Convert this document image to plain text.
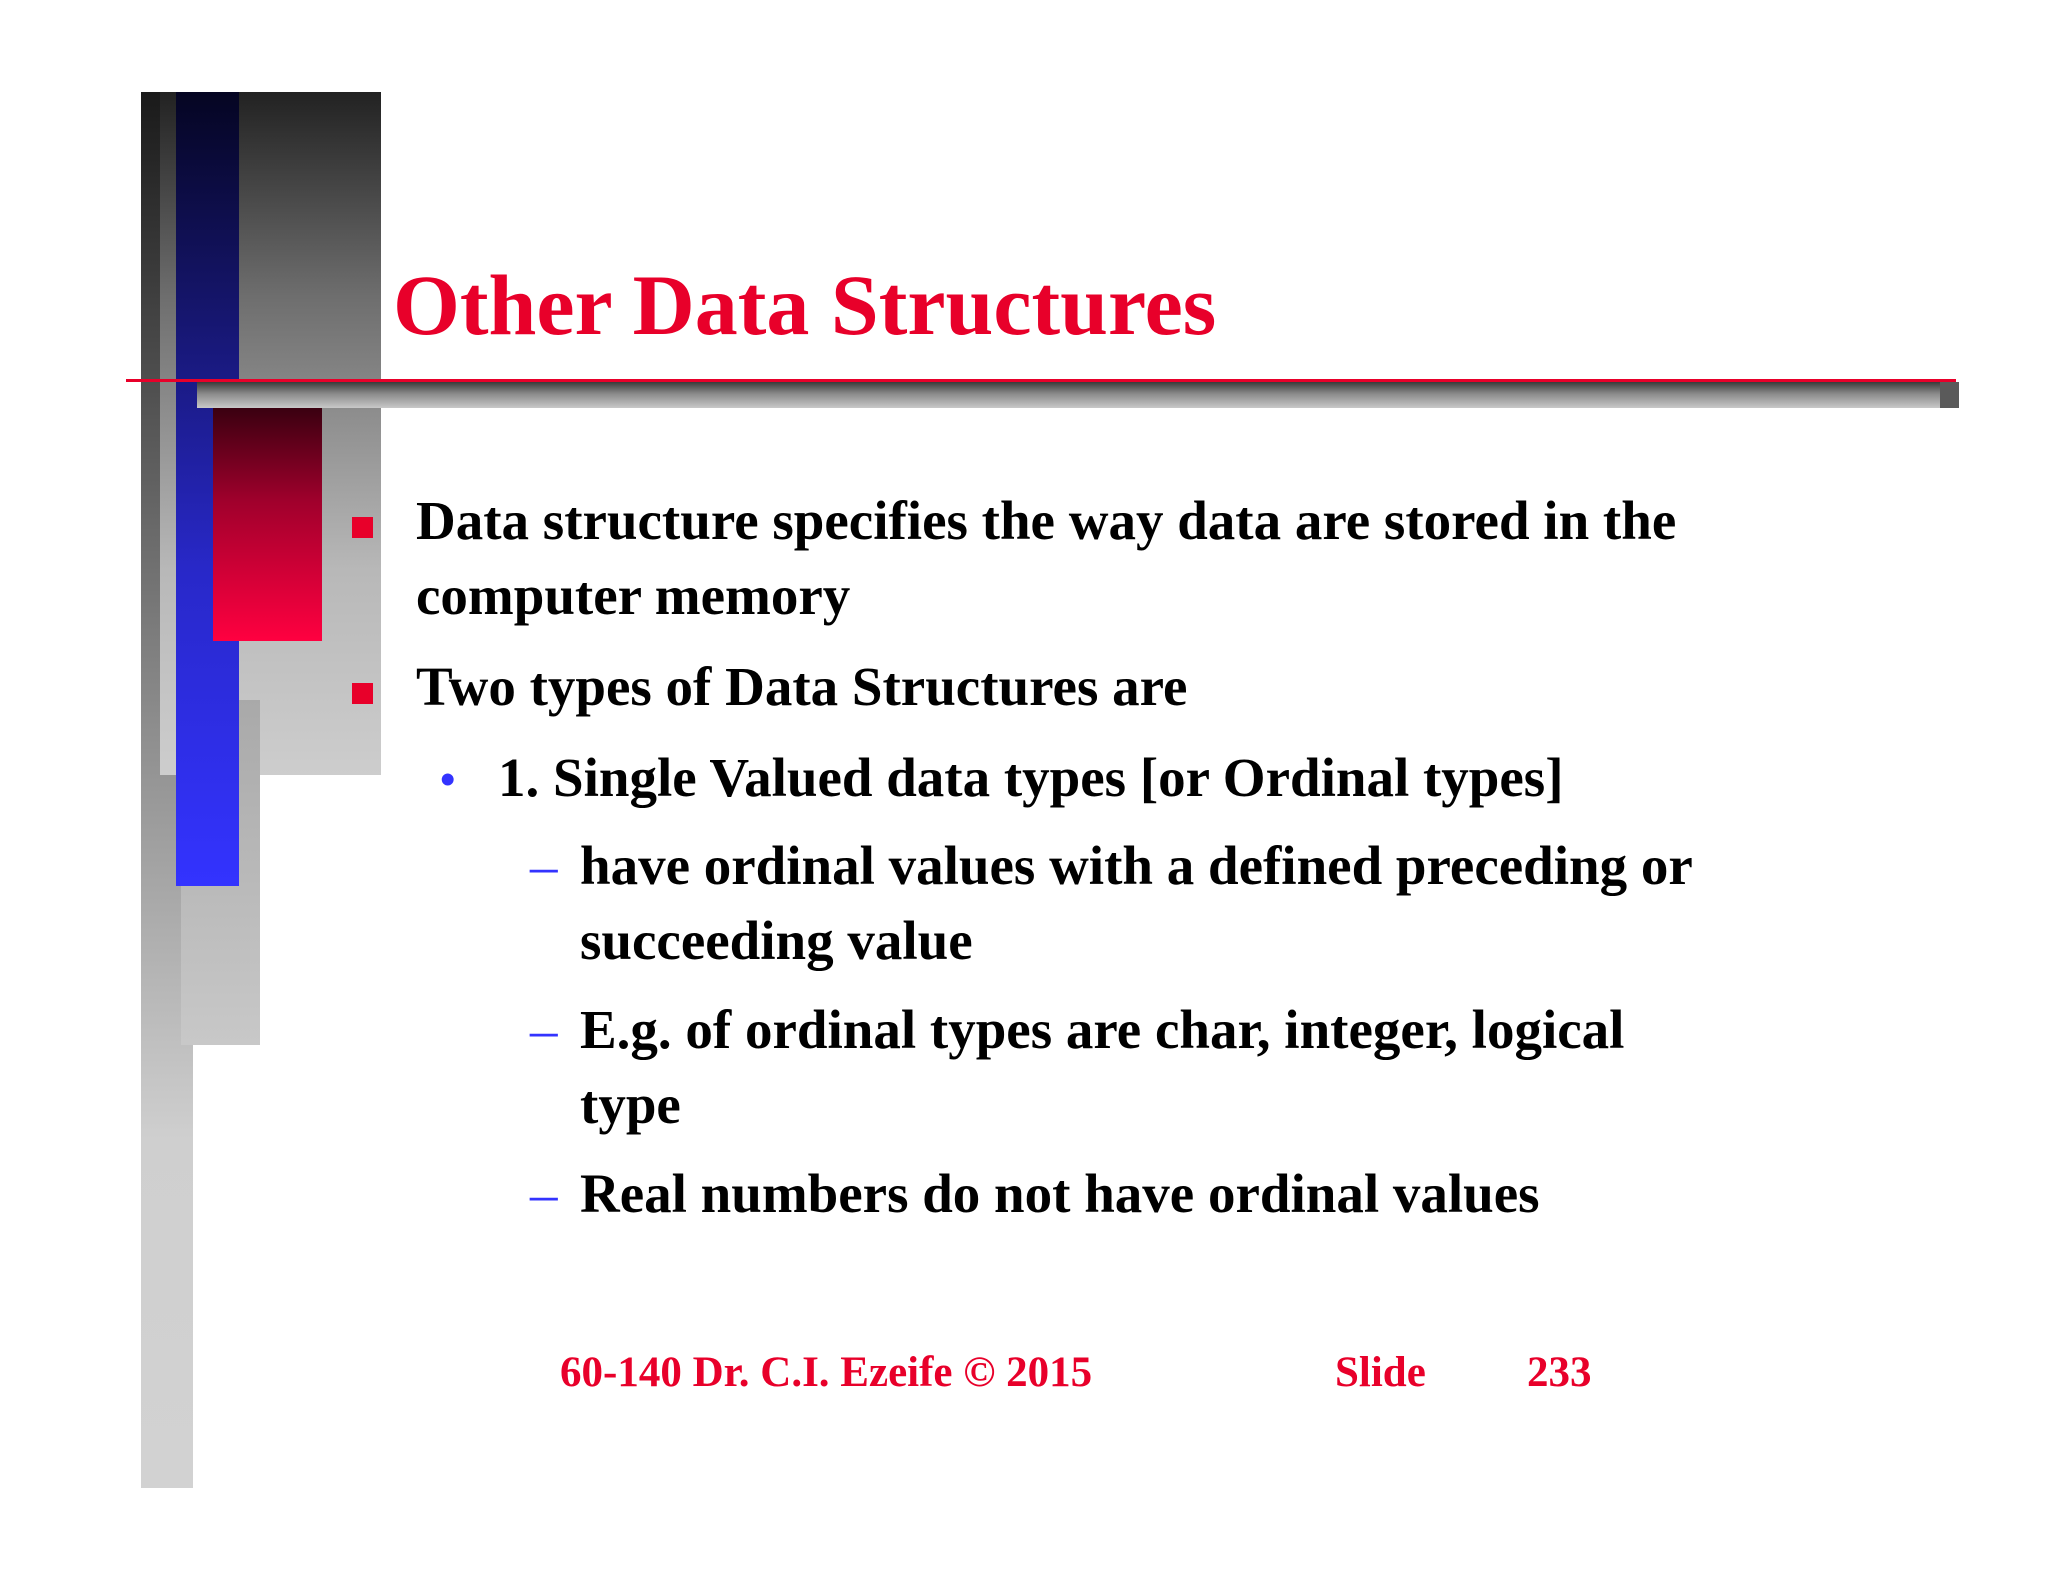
Other Data Structures

Data structure specifies the way data are stored in the

computer memory

Two types of Data Structures are

• 1. Single Valued data types [or Ordinal types]

– have ordinal values with a defined preceding or

succeeding value

– E.g. of ordinal types are char, integer, logical

type

– Real numbers do not have ordinal values

60-140 Dr. C.I. Ezeife © 2015	Slide 233
